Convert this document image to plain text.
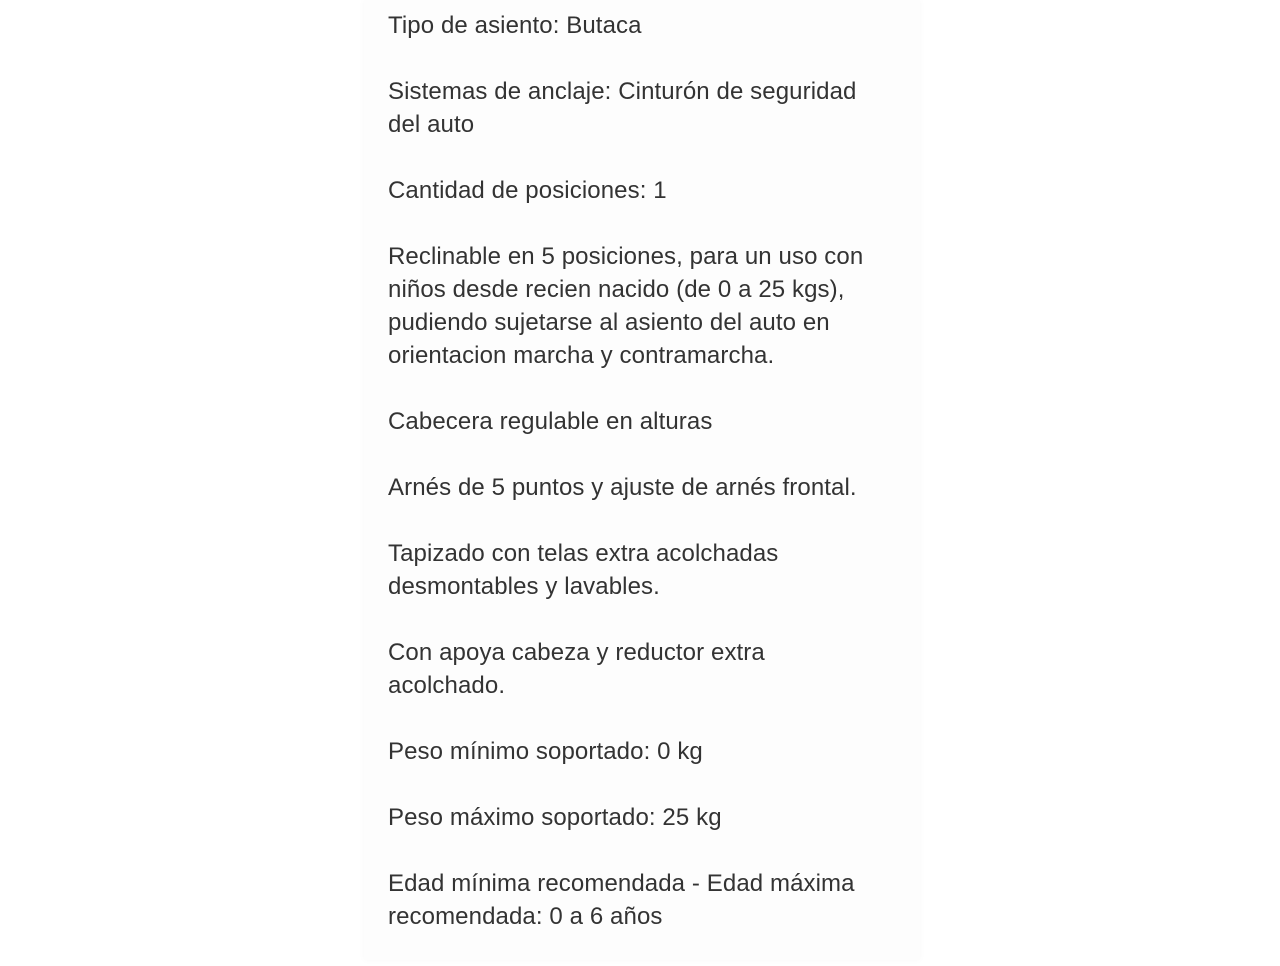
Tipo de asiento: Butaca

Sistemas de anclaje: Cinturón de seguridad
del auto

Cantidad de posiciones: 1

Reclinable en 5 posiciones, para un uso con
niños desde recien nacido (de 0 a 25 kgs),
pudiendo sujetarse al asiento del auto en
orientacion marcha y contramarcha.

Cabecera regulable en alturas

Arnés de 5 puntos y ajuste de arnés frontal.

Tapizado con telas extra acolchadas
desmontables y lavables.

Con apoya cabeza y reductor extra
acolchado.

Peso mínimo soportado: 0 kg

Peso máximo soportado: 25 kg

Edad mínima recomendada - Edad máxima
recomendada: 0 a 6 años
